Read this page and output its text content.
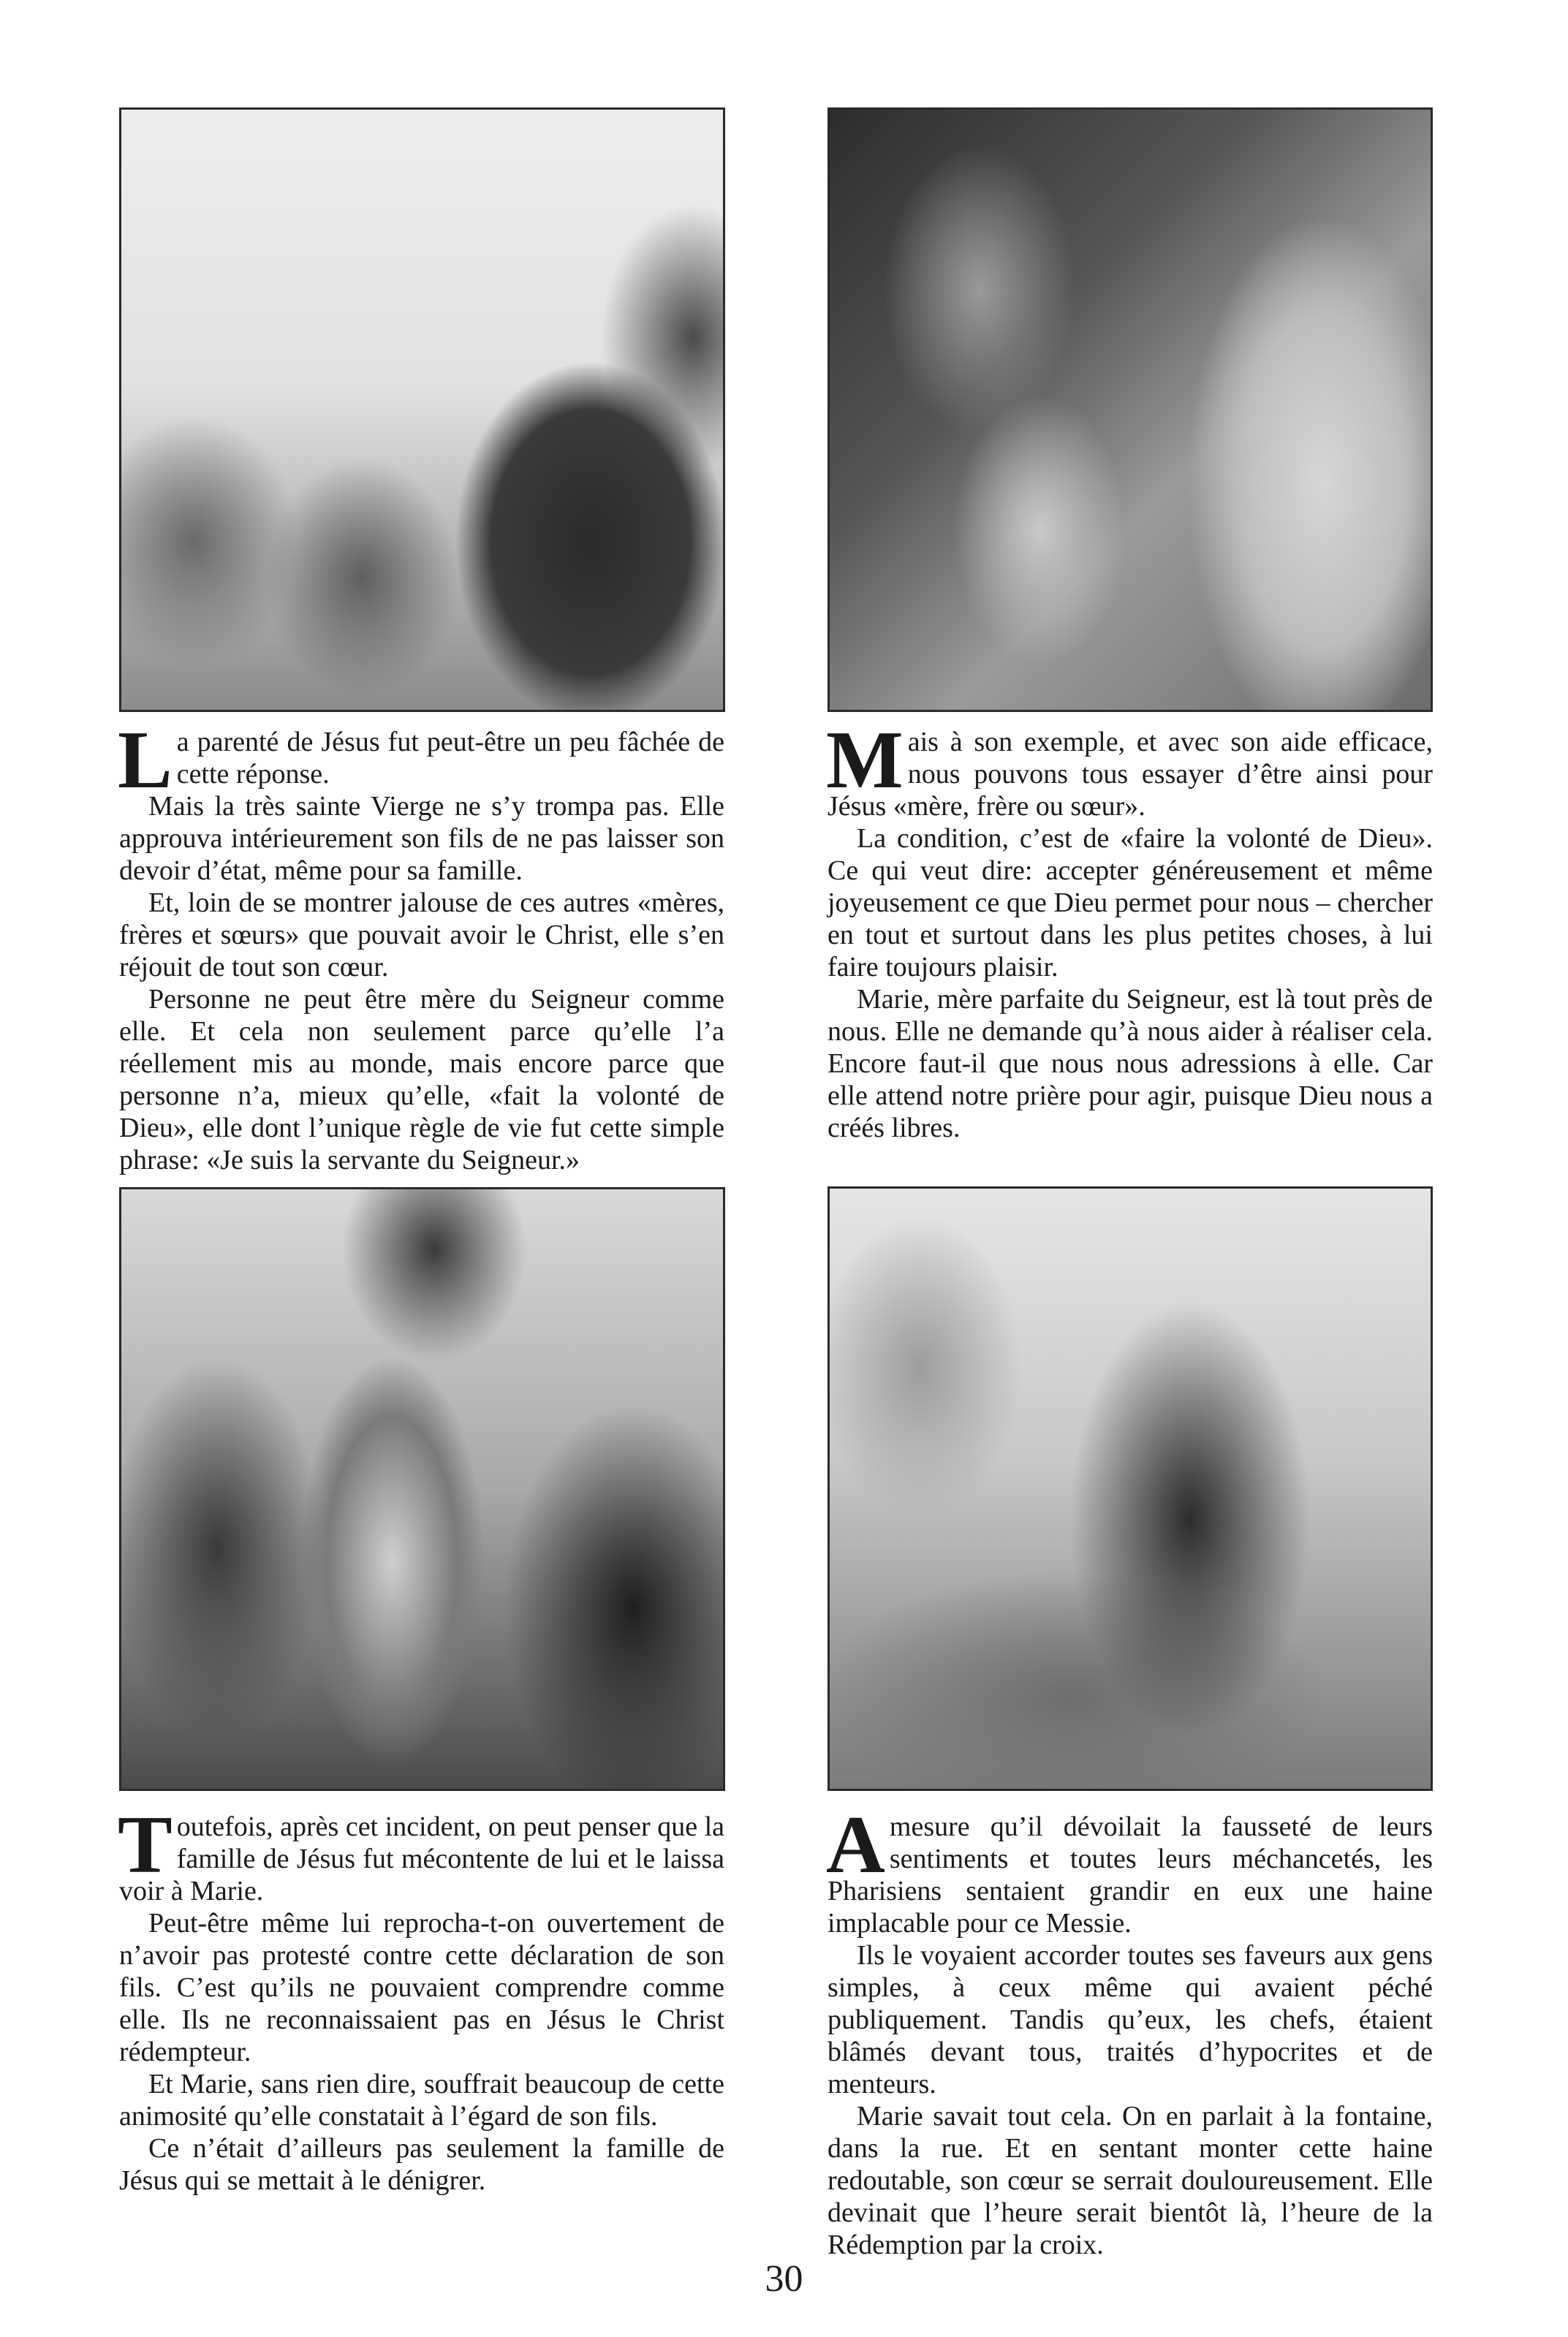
La parenté de Jésus fut peut-être un peu fâchée de cette réponse.

Mais la très sainte Vierge ne s’y trompa pas. Elle approuva intérieurement son fils de ne pas laisser son devoir d’état, même pour sa famille.

Et, loin de se montrer jalouse de ces autres «mères, frères et sœurs» que pouvait avoir le Christ, elle s’en réjouit de tout son cœur.

Personne ne peut être mère du Seigneur comme elle. Et cela non seulement parce qu’elle l’a réellement mis au monde, mais encore parce que personne n’a, mieux qu’elle, «fait la volonté de Dieu», elle dont l’unique règle de vie fut cette simple phrase: «Je suis la servante du Seigneur.»

Mais à son exemple, et avec son aide efficace, nous pouvons tous essayer d’être ainsi pour Jésus «mère, frère ou sœur».

La condition, c’est de «faire la volonté de Dieu». Ce qui veut dire: accepter généreusement et même joyeusement ce que Dieu permet pour nous – chercher en tout et surtout dans les plus petites choses, à lui faire toujours plaisir.

Marie, mère parfaite du Seigneur, est là tout près de nous. Elle ne demande qu’à nous aider à réaliser cela. Encore faut-il que nous nous adressions à elle. Car elle attend notre prière pour agir, puisque Dieu nous a créés libres.

Toutefois, après cet incident, on peut penser que la famille de Jésus fut mécontente de lui et le laissa voir à Marie.

Peut-être même lui reprocha-t-on ouvertement de n’avoir pas protesté contre cette déclaration de son fils. C’est qu’ils ne pouvaient comprendre comme elle. Ils ne reconnaissaient pas en Jésus le Christ rédempteur.

Et Marie, sans rien dire, souffrait beaucoup de cette animosité qu’elle constatait à l’égard de son fils.

Ce n’était d’ailleurs pas seulement la famille de Jésus qui se mettait à le dénigrer.

Amesure qu’il dévoilait la fausseté de leurs sentiments et toutes leurs méchancetés, les Pharisiens sentaient grandir en eux une haine implacable pour ce Messie.

Ils le voyaient accorder toutes ses faveurs aux gens simples, à ceux même qui avaient péché publiquement. Tandis qu’eux, les chefs, étaient blâmés devant tous, traités d’hypocrites et de menteurs.

Marie savait tout cela. On en parlait à la fontaine, dans la rue. Et en sentant monter cette haine redoutable, son cœur se serrait douloureusement. Elle devinait que l’heure serait bientôt là, l’heure de la Rédemption par la croix.

30
